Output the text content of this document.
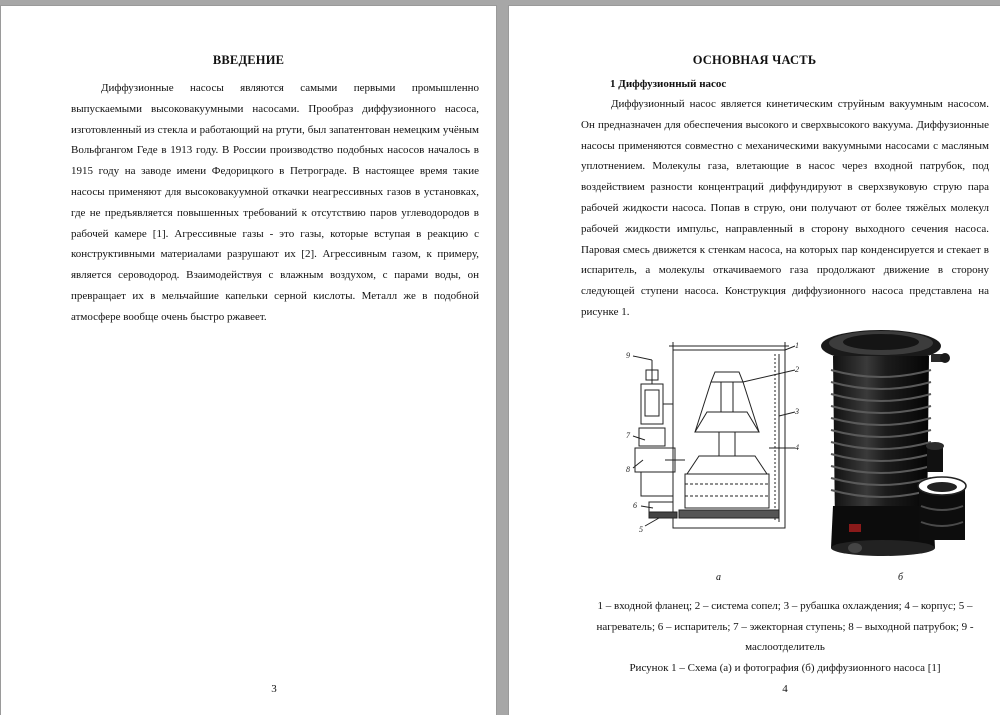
ВВЕДЕНИЕ

Диффузионные насосы являются самыми первыми промышленно выпускаемыми высоковакуумными насосами. Прообраз диффузионного насоса, изготовленный из стекла и работающий на ртути, был запатентован немецким учёным Вольфгангом Геде в 1913 году. В России производство подобных насосов началось в 1915 году на заводе имени Федорицкого в Петрограде. В настоящее время такие насосы применяют для высоковакуумной откачки неагрессивных газов в установках, где не предъявляется повышенных требований к отсутствию паров углеводородов в рабочей камере [1]. Агрессивные газы - это газы, которые вступая в реакцию с конструктивными материалами разрушают их [2]. Агрессивным газом, к примеру, является сероводород. Взаимодействуя с влажным воздухом, с парами воды, он превращает их в мельчайшие капельки серной кислоты. Металл же в подобной атмосфере вообще очень быстро ржавеет.

3
ОСНОВНАЯ ЧАСТЬ
1 Диффузионный насос

Диффузионный насос является кинетическим струйным вакуумным насосом. Он предназначен для обеспечения высокого и сверхвысокого вакуума. Диффузионные насосы применяются совместно с механическими вакуумными насосами с масляным уплотнением. Молекулы газа, влетающие в насос через входной патрубок, под воздействием разности концентраций диффундируют в сверхзвуковую струю пара рабочей жидкости насоса. Попав в струю, они получают от более тяжёлых молекул рабочей жидкости импульс, направленный в сторону выходного сечения насоса. Паровая смесь движется к стенкам насоса, на которых пар конденсируется и стекает в испаритель, а молекулы откачиваемого газа продолжают движение в сторону следующей ступени насоса. Конструкция диффузионного насоса представлена на рисунке 1.

1
2
3
4
5
6
7
8
9
а	б
1 – входной фланец; 2 – система сопел; 3 – рубашка охлаждения; 4 – корпус; 5 – нагреватель; 6 – испаритель; 7 – эжекторная ступень; 8 – выходной патрубок; 9 - маслоотделитель
Рисунок 1 – Схема (а) и фотография (б) диффузионного насоса [1]
4
